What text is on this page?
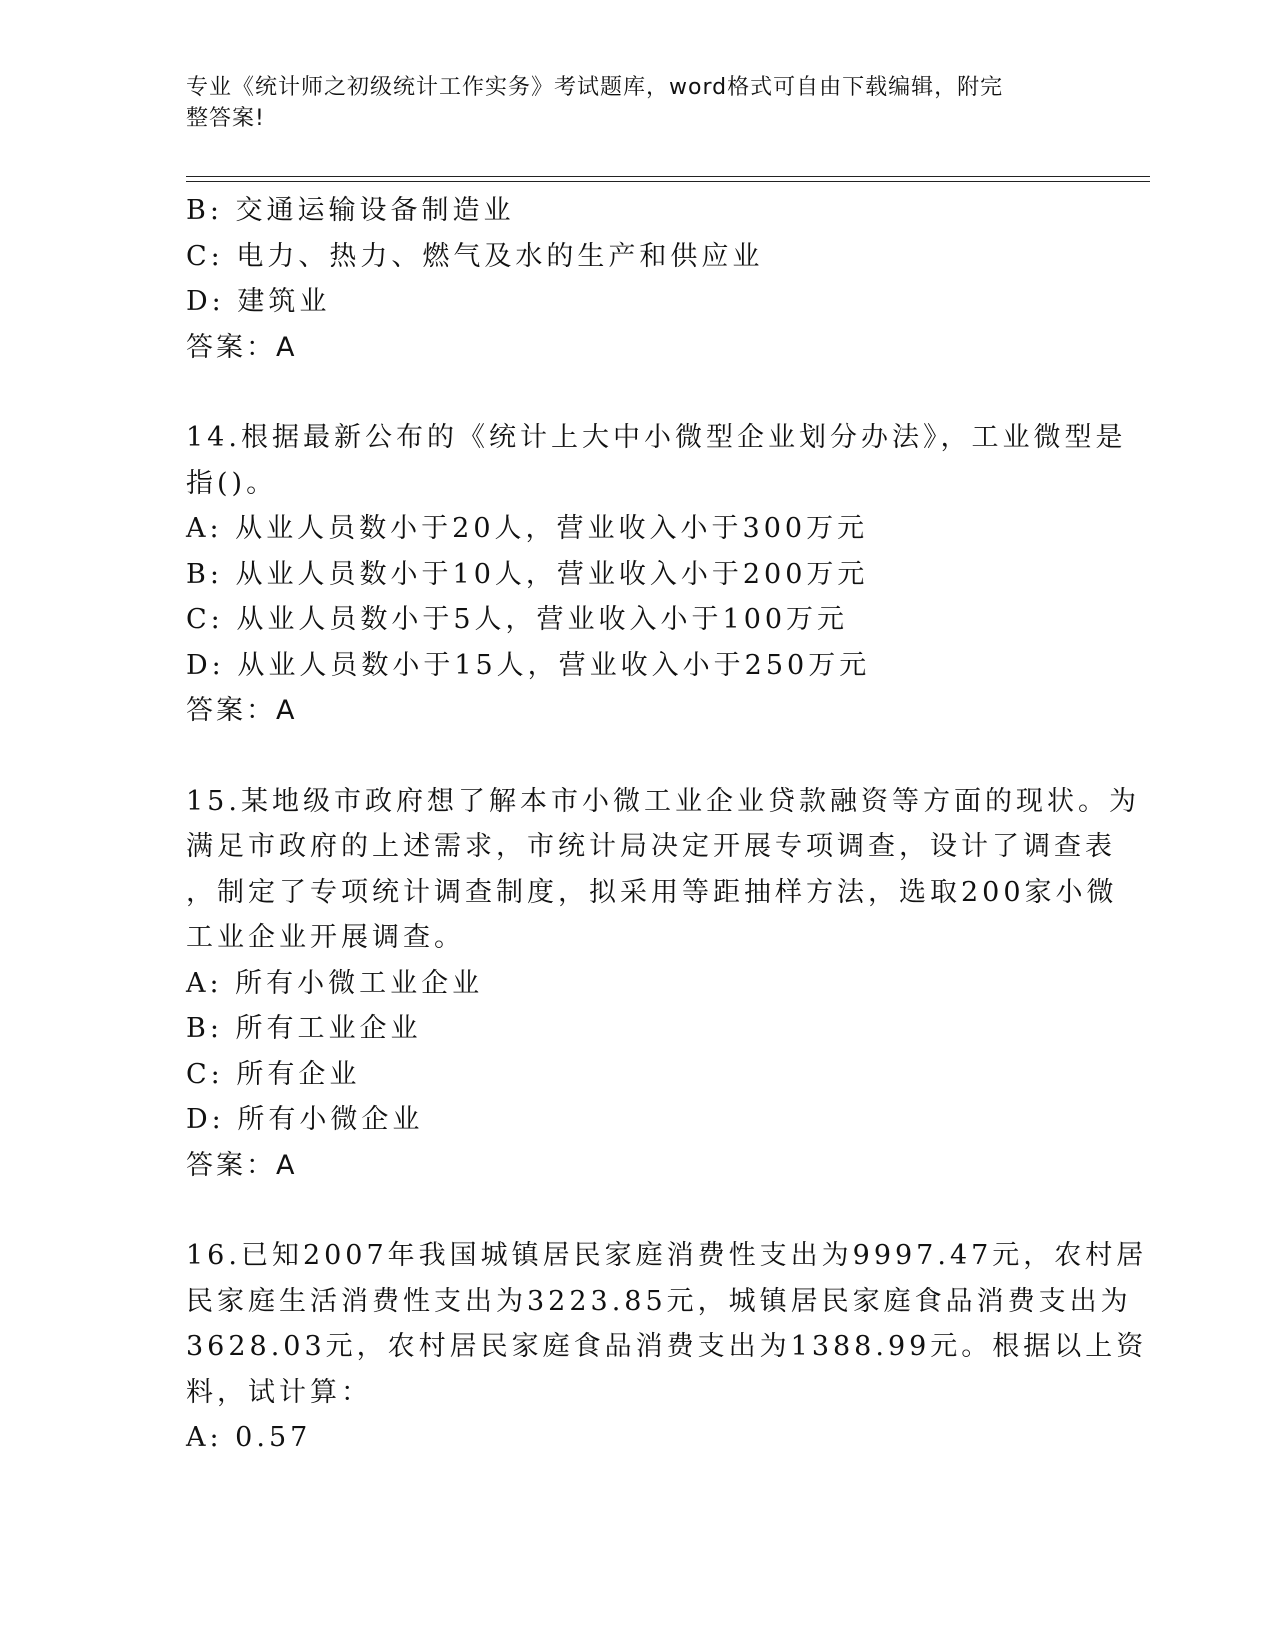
专业《统计师之初级统计工作实务》考试题库，word格式可自由下载编辑，附完
整答案!
B: 交通运输设备制造业
C: 电力、热力、燃气及水的生产和供应业
D: 建筑业
答案：A
14.根据最新公布的《统计上大中小微型企业划分办法》，工业微型是
指()。
A: 从业人员数小于20人，营业收入小于300万元
B: 从业人员数小于10人，营业收入小于200万元
C: 从业人员数小于5人，营业收入小于100万元
D: 从业人员数小于15人，营业收入小于250万元
答案：A
15.某地级市政府想了解本市小微工业企业贷款融资等方面的现状。为
满足市政府的上述需求，市统计局决定开展专项调查，设计了调查表
，制定了专项统计调查制度，拟采用等距抽样方法，选取200家小微
工业企业开展调查。
A: 所有小微工业企业
B: 所有工业企业
C: 所有企业
D: 所有小微企业
答案：A
16.已知2007年我国城镇居民家庭消费性支出为9997.47元，农村居
民家庭生活消费性支出为3223.85元，城镇居民家庭食品消费支出为
3628.03元，农村居民家庭食品消费支出为1388.99元。根据以上资
料，试计算：
A: 0.57
